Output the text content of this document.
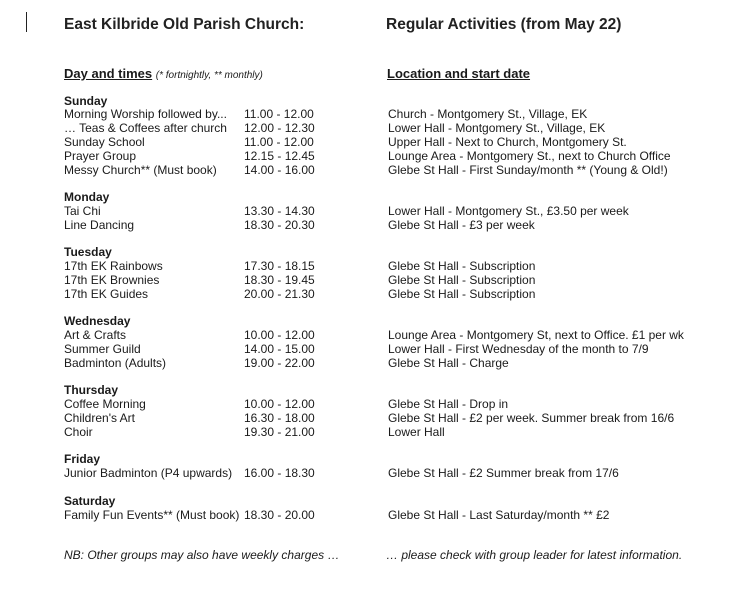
East Kilbride Old Parish Church:	Regular Activities (from May 22)
Day and times (* fortnightly, ** monthly)	Location and start date
Sunday
Morning Worship followed by... 11.00 - 12.00	Church - Montgomery St., Village, EK
… Teas & Coffees after church 12.00 - 12.30	Lower Hall - Montgomery St., Village, EK
Sunday School	11.00 - 12.00	Upper Hall - Next to Church, Montgomery St.
Prayer Group	12.15 - 12.45	Lounge Area - Montgomery St., next to Church Office
Messy Church** (Must book) 14.00 - 16.00	Glebe St Hall - First Sunday/month ** (Young & Old!)
Monday
Tai Chi	13.30 - 14.30	Lower Hall - Montgomery St., £3.50 per week
Line Dancing	18.30 - 20.30	Glebe St Hall - £3 per week
Tuesday
17th EK Rainbows	17.30 - 18.15	Glebe St Hall - Subscription
17th EK Brownies	18.30 - 19.45	Glebe St Hall - Subscription
17th EK Guides	20.00 - 21.30	Glebe St Hall - Subscription
Wednesday
Art & Crafts	10.00 - 12.00	Lounge Area - Montgomery St, next to Office. £1 per wk
Summer Guild	14.00 - 15.00	Lower Hall - First Wednesday of the month to 7/9
Badminton (Adults)	19.00 - 22.00	Glebe St Hall - Charge
Thursday
Coffee Morning	10.00 - 12.00	Glebe St Hall - Drop in
Children's Art	16.30 - 18.00	Glebe St Hall - £2 per week. Summer break from 16/6
Choir	19.30 - 21.00	Lower Hall
Friday
Junior Badminton (P4 upwards) 16.00 - 18.30	Glebe St Hall - £2 Summer break from 17/6
Saturday
Family Fun Events** (Must book) 18.30 - 20.00	Glebe St Hall - Last Saturday/month ** £2
NB: Other groups may also have weekly charges …	… please check with group leader for latest information.
